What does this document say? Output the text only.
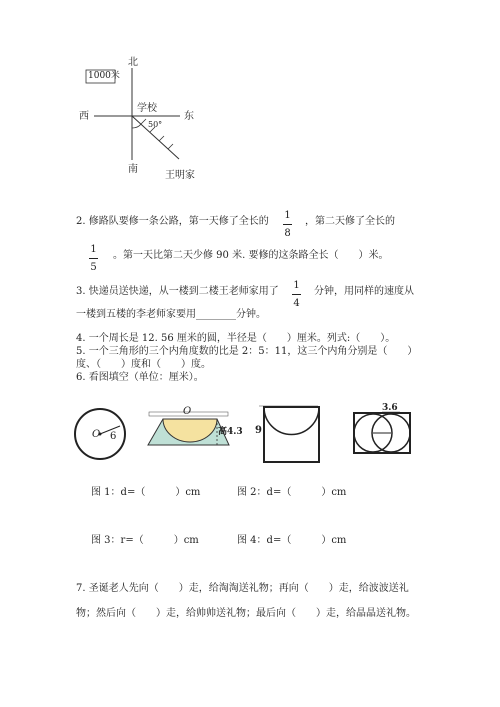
北
南
西	东
1000米
学校
50°
王明家
2. 修路队要修一条公路，第一天修了全长的
1
8
，第二天修了全长的
1
5
。第一天比第二天少修 90 米. 要修的这条路全长（　　）米。
3. 快递员送快递，从一楼到二楼王老师家用了
1
4
分钟，用同样的速度从
一楼到五楼的李老师家要用________分钟。
4. 一个周长是 12. 56 厘米的圆，半径是（　　）厘米。列式:（　　）。
5. 一个三角形的三个内角度数的比是 2：5：11，这三个内角分别是（　　）
度、（　　）度和（　　）度。
6. 看图填空（单位：厘米）。
O 6
O
高4.3 9
3.6
图 1：d=（　　　）cm	图 2：d=（　　　）cm
图 3：r=（　　　）cm	图 4：d=（　　　）cm
7. 圣诞老人先向（　　）走，给淘淘送礼物；再向（　　）走，给波波送礼
物；然后向（　　）走，给帅帅送礼物；最后向（　　）走，给晶晶送礼物。
